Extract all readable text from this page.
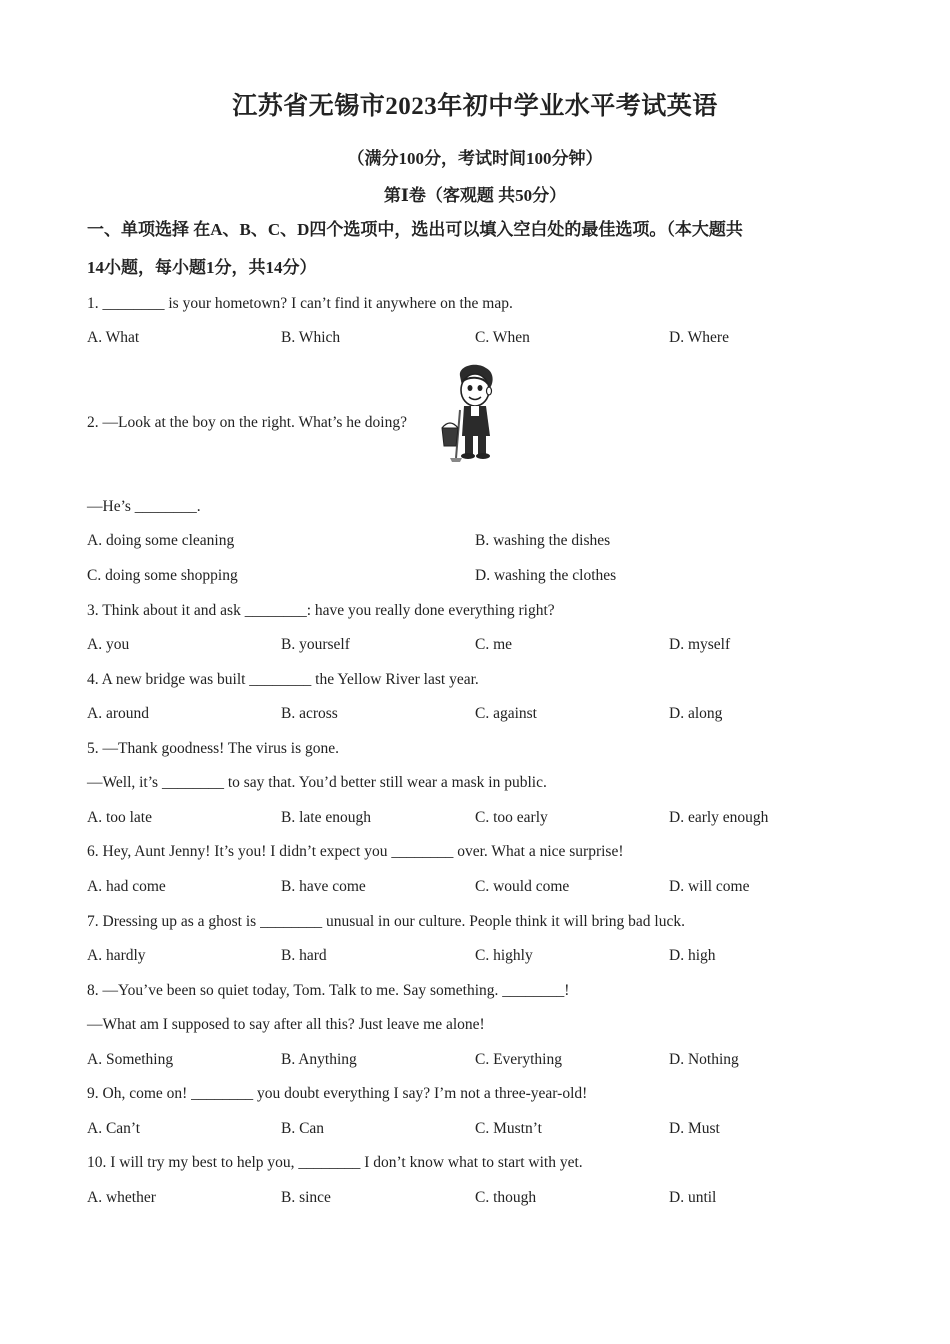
江苏省无锡市2023年初中学业水平考试英语
（满分100分，考试时间100分钟）
第Ⅰ卷（客观题 共50分）
一、单项选择 在A、B、C、D四个选项中，选出可以填入空白处的最佳选项。（本大题共
14小题，每小题1分，共14分）
1. ________ is your hometown? I can’t find it anywhere on the map.
A. What	B. Which	C. When	D. Where
2. —Look at the boy on the right. What’s he doing?
—He’s ________.
A. doing some cleaning	B. washing the dishes
C. doing some shopping	D. washing the clothes
3. Think about it and ask ________: have you really done everything right?
A. you	B. yourself	C. me	D. myself
4. A new bridge was built ________ the Yellow River last year.
A. around	B. across	C. against	D. along
5. —Thank goodness! The virus is gone.
—Well, it’s ________ to say that. You’d better still wear a mask in public.
A. too late	B. late enough	C. too early	D. early enough
6. Hey, Aunt Jenny! It’s you! I didn’t expect you ________ over. What a nice surprise!
A. had come	B. have come	C. would come	D. will come
7. Dressing up as a ghost is ________ unusual in our culture. People think it will bring bad luck.
A. hardly	B. hard	C. highly	D. high
8. —You’ve been so quiet today, Tom. Talk to me. Say something. ________!
—What am I supposed to say after all this? Just leave me alone!
A. Something	B. Anything	C. Everything	D. Nothing
9. Oh, come on! ________ you doubt everything I say? I’m not a three-year-old!
A. Can’t	B. Can	C. Mustn’t	D. Must
10. I will try my best to help you, ________ I don’t know what to start with yet.
A. whether	B. since	C. though	D. until
